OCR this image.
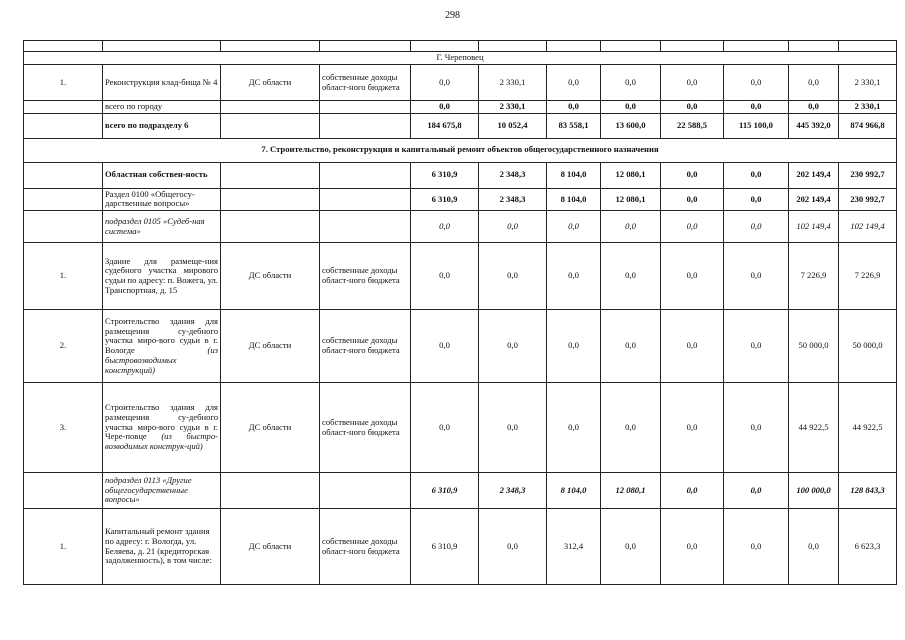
298

Г. Череповец											
1.	Реконструкция клад-бища № 4	ДС области	собственные доходы област-ного бюджета	0,0	2 330,1	0,0	0,0	0,0	0,0	0,0	2 330,1
	всего по городу			0,0	2 330,1	0,0	0,0	0,0	0,0	0,0	2 330,1
	всего по подразделу 6			184 675,8	10 052,4	83 558,1	13 600,0	22 588,5	115 100,0	445 392,0	874 966,8
7. Строительство, реконструкция и капитальный ремонт объектов общегосударственного назначения											
	Областная собствен-ность			6 310,9	2 348,3	8 104,0	12 080,1	0,0	0,0	202 149,4	230 992,7
	Раздел 0100 «Общегосу-дарственные вопросы»			6 310,9	2 348,3	8 104,0	12 080,1	0,0	0,0	202 149,4	230 992,7
	подраздел 0105 «Судеб-ная система»			0,0	0,0	0,0	0,0	0,0	0,0	102 149,4	102 149,4
1.	Здание для размеще-ния судебного участка мирового судьи по адресу: п. Вожега, ул. Транспортная, д. 15	ДС области	собственные доходы област-ного бюджета	0,0	0,0	0,0	0,0	0,0	0,0	7 226,9	7 226,9
2.	Строительство здания для размещения су-дебного участка миро-вого судьи в г. Вологде (из быстровозводимых конструкций)	ДС области	собственные доходы област-ного бюджета	0,0	0,0	0,0	0,0	0,0	0,0	50 000,0	50 000,0
3.	Строительство здания для размещения су-дебного участка миро-вого судьи в г. Чере-повце (из быстро-возводимых конструк-ций)	ДС области	собственные доходы област-ного бюджета	0,0	0,0	0,0	0,0	0,0	0,0	44 922,5	44 922,5
	подраздел 0113 «Другие общегосударственные вопросы»			6 310,9	2 348,3	8 104,0	12 080,1	0,0	0,0	100 000,0	128 843,3
1.	Капитальный ремонт здания по адресу: г. Вологда, ул. Беляева, д. 21 (кредиторская задолженность), в том числе:	ДС области	собственные доходы област-ного бюджета	6 310,9	0,0	312,4	0,0	0,0	0,0	0,0	6 623,3
